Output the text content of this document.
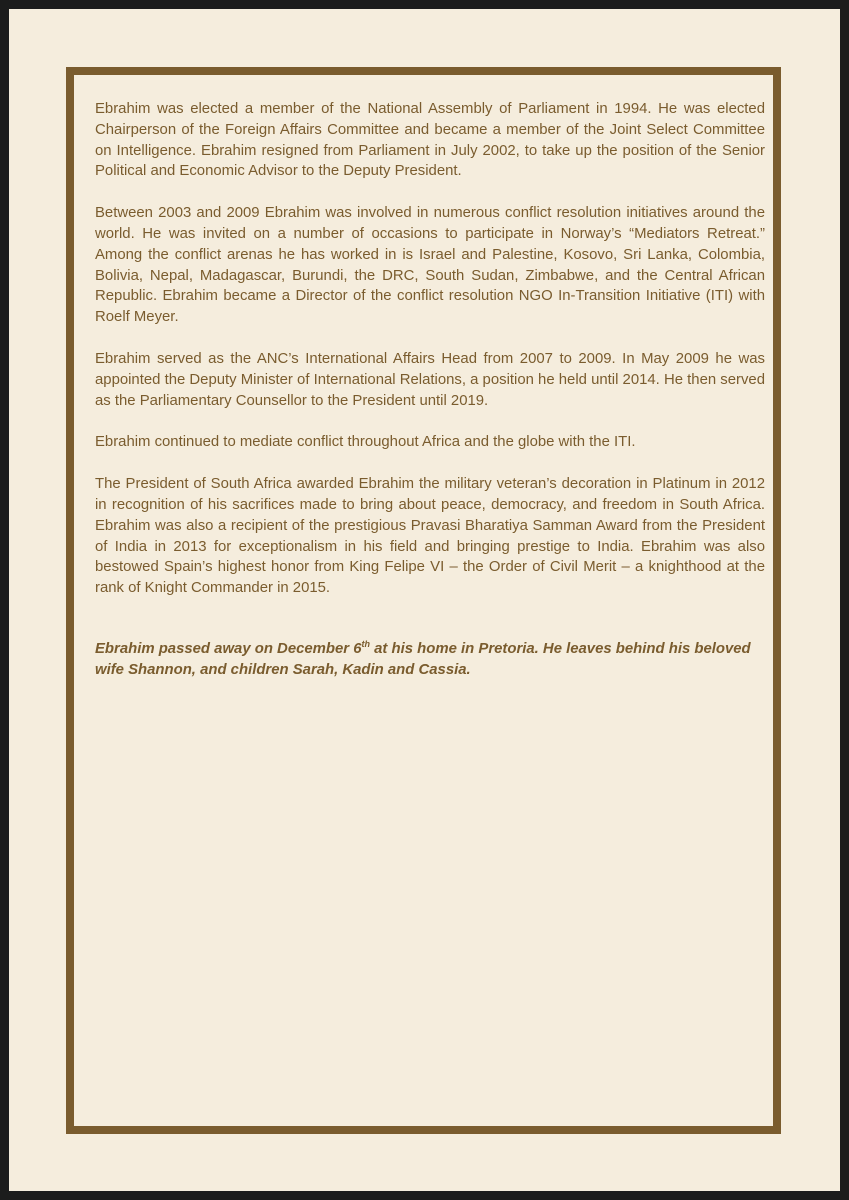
Ebrahim was elected a member of the National Assembly of Parliament in 1994. He was elected Chairperson of the Foreign Affairs Committee and became a member of the Joint Select Committee on Intelligence. Ebrahim resigned from Parliament in July 2002, to take up the position of the Senior Political and Economic Advisor to the Deputy President.

Between 2003 and 2009 Ebrahim was involved in numerous conflict resolution initiatives around the world. He was invited on a number of occasions to participate in Norway’s “Mediators Retreat.” Among the conflict arenas he has worked in is Israel and Palestine, Kosovo, Sri Lanka, Colombia, Bolivia, Nepal, Madagascar, Burundi, the DRC, South Sudan, Zimbabwe, and the Central African Republic. Ebrahim became a Director of the conflict resolution NGO In-Transition Initiative (ITI) with Roelf Meyer.

Ebrahim served as the ANC’s International Affairs Head from 2007 to 2009. In May 2009 he was appointed the Deputy Minister of International Relations, a position he held until 2014. He then served as the Parliamentary Counsellor to the President until 2019.

Ebrahim continued to mediate conflict throughout Africa and the globe with the ITI.

The President of South Africa awarded Ebrahim the military veteran’s decoration in Platinum in 2012 in recognition of his sacrifices made to bring about peace, democracy, and freedom in South Africa. Ebrahim was also a recipient of the prestigious Pravasi Bharatiya Samman Award from the President of India in 2013 for exceptionalism in his field and bringing prestige to India. Ebrahim was also bestowed Spain’s highest honor from King Felipe VI – the Order of Civil Merit – a knighthood at the rank of Knight Commander in 2015.

Ebrahim passed away on December 6th at his home in Pretoria. He leaves behind his beloved wife Shannon, and children Sarah, Kadin and Cassia.
